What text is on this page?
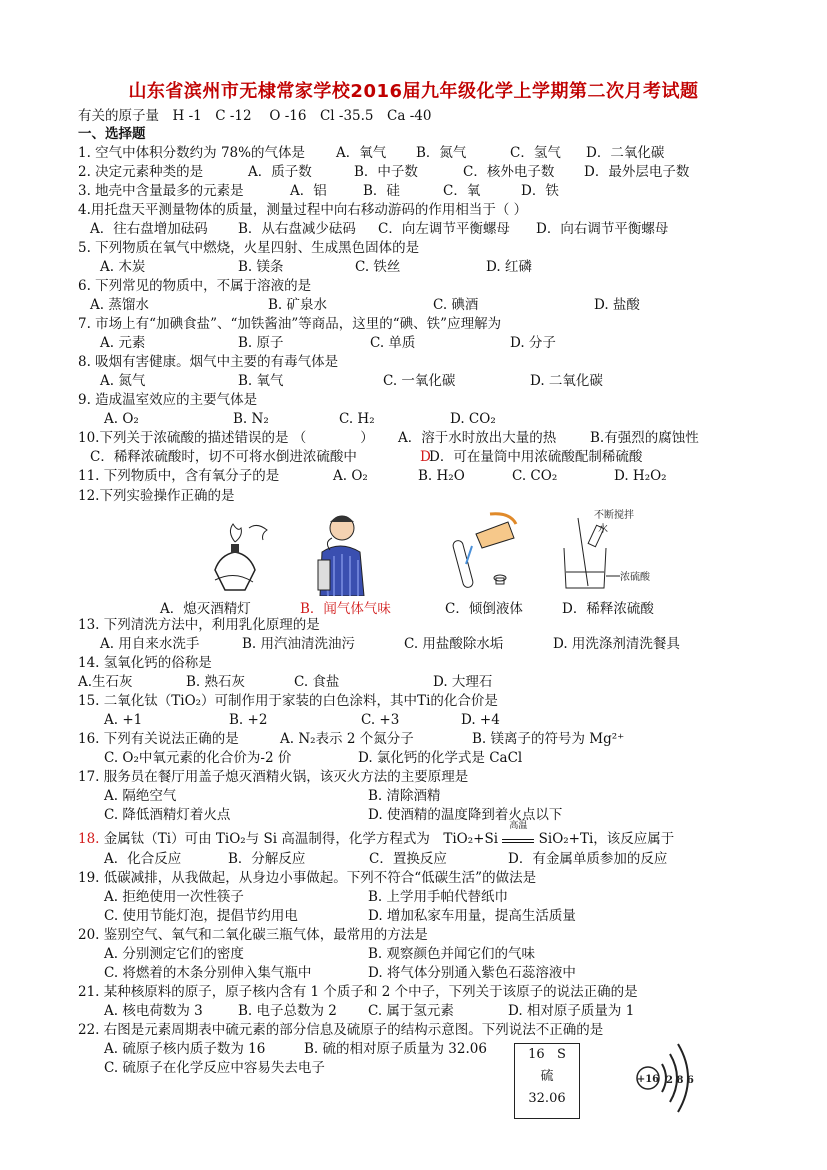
山东省滨州市无棣常家学校2016届九年级化学上学期第二次月考试题
有关的原子量　H -1　C -12　 O -16　Cl -35.5　Ca -40
一、选择题
1. 空气中体积分数约为 78%的气体是 A．氧气 B．氮气	C．氢气 D．二氧化碳
2. 决定元素种类的是	A．质子数	B．中子数	C．核外电子数 D．最外层电子数
3. 地壳中含量最多的元素是	A．铝	B．硅	C．氧	D．铁
4.用托盘天平测量物体的质量，测量过程中向右移动游码的作用相当于（ ）
A．往右盘增加砝码 B．从右盘减少砝码 C．向左调节平衡螺母 D．向右调节平衡螺母
5. 下列物质在氧气中燃烧，火星四射、生成黑色固体的是
A. 木炭	B. 镁条	C. 铁丝	D. 红磷
6. 下列常见的物质中，不属于溶液的是
A. 蒸馏水	B. 矿泉水	C. 碘酒	D. 盐酸
7. 市场上有“加碘食盐”、“加铁酱油”等商品，这里的“碘、铁”应理解为
A. 元素	B. 原子	C. 单质	D. 分子
8. 吸烟有害健康。烟气中主要的有毒气体是
A. 氮气	B. 氧气	C. 一氧化碳	D. 二氧化碳
9. 造成温室效应的主要气体是
A. O₂	B. N₂	C. H₂	D. CO₂
10.下列关于浓硫酸的描述错误的是 （　　　　） A．溶于水时放出大量的热	B.有强烈的腐蚀性
C．稀释浓硫酸时，切不可将水倒进浓硫酸中	D
D．可在量筒中用浓硫酸配制稀硫酸
11. 下列物质中，含有氧分子的是	A. O₂	B. H₂O	C. CO₂	D. H₂O₂
12.下列实验操作正确的是
不断搅拌
水
浓硫酸
A．熄灭酒精灯	B．闻气体气味	C．倾倒液体	D．稀释浓硫酸
13. 下列清洗方法中，利用乳化原理的是
A. 用自来水洗手	B. 用汽油清洗油污	C. 用盐酸除水垢	D. 用洗涤剂清洗餐具
14. 氢氧化钙的俗称是
A.生石灰	B. 熟石灰	C. 食盐	D. 大理石
15. 二氧化钛（TiO₂）可制作用于家装的白色涂料，其中Ti的化合价是
A. +1	B. +2	C. +3	D. +4
16. 下列有关说法正确的是	A. N₂表示 2 个氮分子	B. 镁离子的符号为 Mg²⁺
C. O₂中氧元素的化合价为-2 价	D. 氯化钙的化学式是 CaCl
17. 服务员在餐厅用盖子熄灭酒精火锅，该灭火方法的主要原理是
A. 隔绝空气	B. 清除酒精
C. 降低酒精灯着火点	D. 使酒精的温度降到着火点以下
18. 金属钛（Ti）可由 TiO₂与 Si 高温制得，化学方程式为　TiO₂+Si
高温
SiO₂+Ti，该反应属于
A．化合反应	B．分解反应	C．置换反应	D．有金属单质参加的反应
19. 低碳减排，从我做起，从身边小事做起。下列不符合“低碳生活”的做法是
A. 拒绝使用一次性筷子	B. 上学用手帕代替纸巾
C. 使用节能灯泡，提倡节约用电	D. 增加私家车用量，提高生活质量
20. 鉴别空气、氧气和二氧化碳三瓶气体，最常用的方法是
A. 分别测定它们的密度	B. 观察颜色并闻它们的气味
C. 将燃着的木条分别伸入集气瓶中	D. 将气体分别通入紫色石蕊溶液中
21. 某种核原料的原子，原子核内含有 1 个质子和 2 个中子，下列关于该原子的说法正确的是
A. 核电荷数为 3	B. 电子总数为 2 C. 属于氢元素	D. 相对原子质量为 1
22. 右图是元素周期表中硫元素的部分信息及硫原子的结构示意图。下列说法不正确的是
A. 硫原子核内质子数为 16	B. 硫的相对原子质量为 32.06
C. 硫原子在化学反应中容易失去电子
16 S
硫
32.06
+16 2 8 6
